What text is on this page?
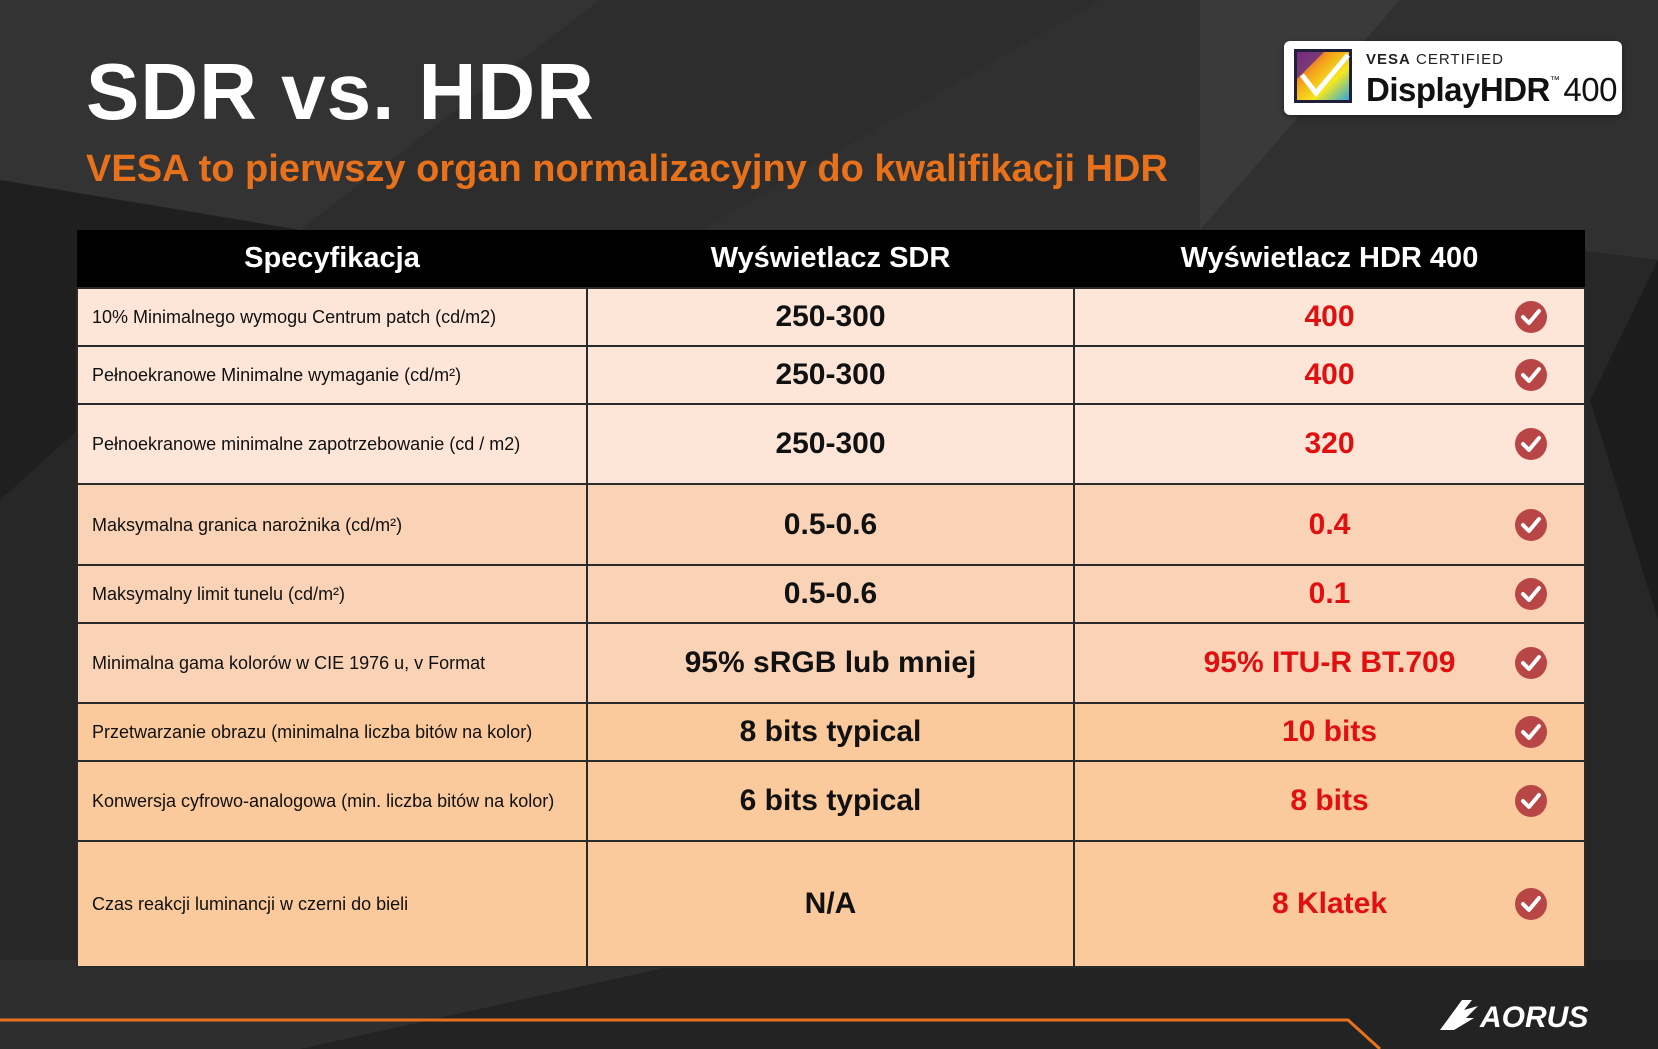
SDR vs. HDR
VESA to pierwszy organ normalizacyjny do kwalifikacji HDR
VESA CERTIFIED
DisplayHDR™ 400
Specyfikacja	Wyświetlacz SDR	Wyświetlacz HDR 400
10% Minimalnego wymogu Centrum patch (cd/m2)	250-300	400

Pełnoekranowe Minimalne wymaganie (cd/m²)	250-300	400

Pełnoekranowe minimalne zapotrzebowanie (cd / m2)	250-300	320

Maksymalna granica narożnika (cd/m²)	0.5-0.6	0.4

Maksymalny limit tunelu (cd/m²)	0.5-0.6	0.1

Minimalna gama kolorów w CIE 1976 u, v Format	95% sRGB lub mniej	95% ITU-R BT.709

Przetwarzanie obrazu (minimalna liczba bitów na kolor)	8 bits typical	10 bits

Konwersja cyfrowo-analogowa (min. liczba bitów na kolor)	6 bits typical	8 bits

Czas reakcji luminancji w czerni do bieli	N/A	8 Klatek
AORUS
